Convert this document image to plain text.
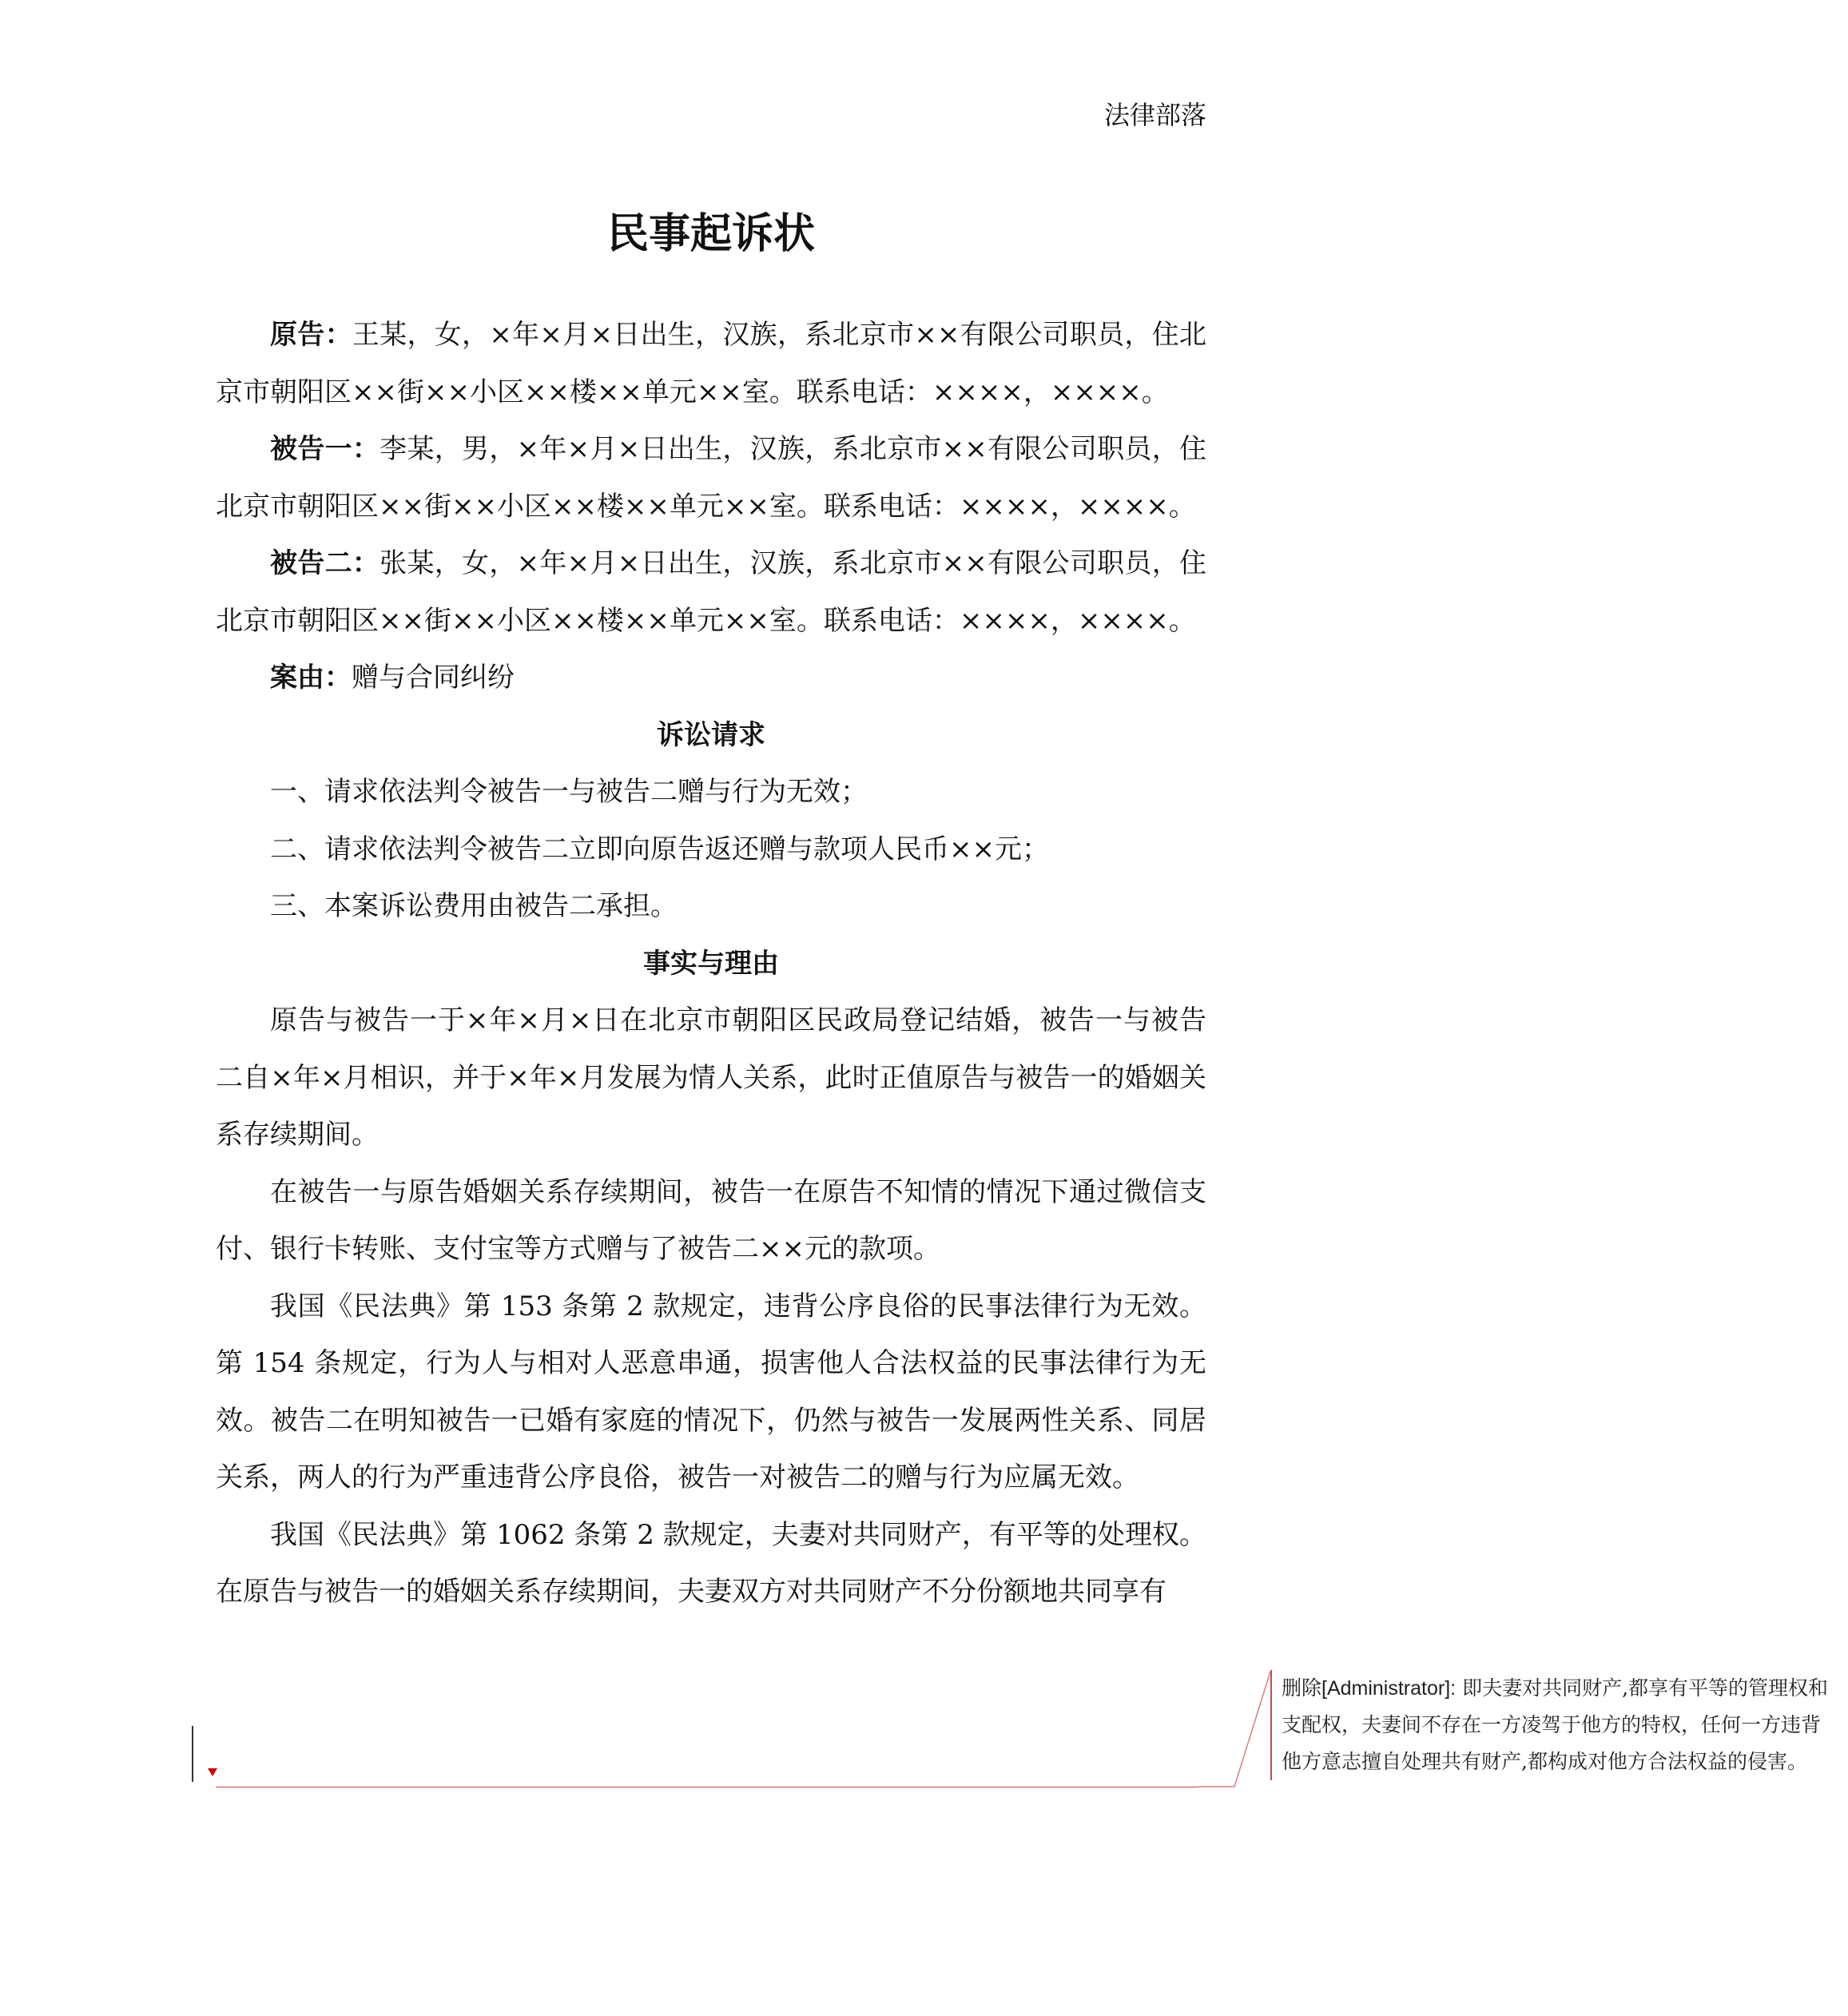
法律部落
民事起诉状

原告：王某，女，×年×月×日出生，汉族，系北京市××有限公司职员，住北京市朝阳区××街××小区××楼××单元××室。联系电话：××××，××××。

被告一：李某，男，×年×月×日出生，汉族，系北京市××有限公司职员，住北京市朝阳区××街××小区××楼××单元××室。联系电话：××××，××××。

被告二：张某，女，×年×月×日出生，汉族，系北京市××有限公司职员，住北京市朝阳区××街××小区××楼××单元××室。联系电话：××××，××××。

案由：赠与合同纠纷

诉讼请求

一、请求依法判令被告一与被告二赠与行为无效；

二、请求依法判令被告二立即向原告返还赠与款项人民币××元；

三、本案诉讼费用由被告二承担。

事实与理由

原告与被告一于×年×月×日在北京市朝阳区民政局登记结婚，被告一与被告二自×年×月相识，并于×年×月发展为情人关系，此时正值原告与被告一的婚姻关系存续期间。

在被告一与原告婚姻关系存续期间，被告一在原告不知情的情况下通过微信支付、银行卡转账、支付宝等方式赠与了被告二××元的款项。

我国《民法典》第 153 条第 2 款规定，违背公序良俗的民事法律行为无效。第 154 条规定，行为人与相对人恶意串通，损害他人合法权益的民事法律行为无效。被告二在明知被告一已婚有家庭的情况下，仍然与被告一发展两性关系、同居关系，两人的行为严重违背公序良俗，被告一对被告二的赠与行为应属无效。

我国《民法典》第 1062 条第 2 款规定，夫妻对共同财产，有平等的处理权。在原告与被告一的婚姻关系存续期间，夫妻双方对共同财产不分份额地共同享有

删除[Administrator]: 即夫妻对共同财产,都享有平等的管理权和支配权，夫妻间不存在一方凌驾于他方的特权，任何一方违背他方意志擅自处理共有财产,都构成对他方合法权益的侵害。
